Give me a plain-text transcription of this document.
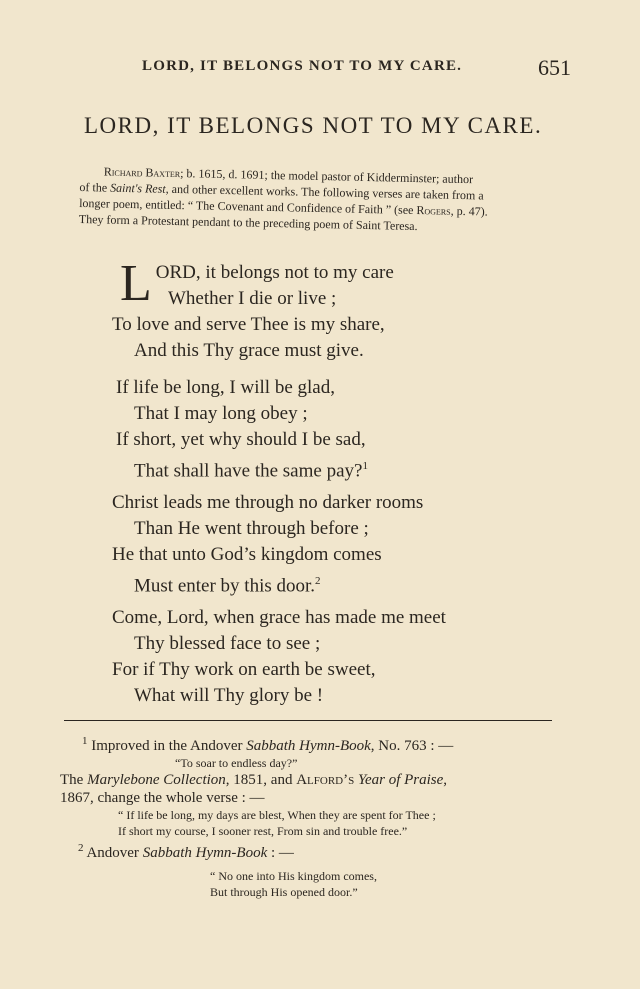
LORD, IT BELONGS NOT TO MY CARE.	651
LORD, IT BELONGS NOT TO MY CARE.
Richard Baxter; b. 1615, d. 1691; the model pastor of Kidderminster; author
of the Saint's Rest, and other excellent works. The following verses are taken from a
longer poem, entitled: “ The Covenant and Confidence of Faith ” (see Rogers, p. 47).
They form a Protestant pendant to the preceding poem of Saint Teresa.
LORD, it belongs not to my care
Whether I die or live ;
To love and serve Thee is my share,
And this Thy grace must give.
If life be long, I will be glad,
That I may long obey ;
If short, yet why should I be sad,
That shall have the same pay?$^1$
Christ leads me through no darker rooms
Than He went through before ;
He that unto God’s kingdom comes
Must enter by this door.$^2$
Come, Lord, when grace has made me meet
Thy blessed face to see ;
For if Thy work on earth be sweet,
What will Thy glory be !
$^1$ Improved in the Andover Sabbath Hymn-Book, No. 763 : —
“To soar to endless day?”
The Marylebone Collection, 1851, and Alford’s Year of Praise,
1867, change the whole verse : —
“ If life be long, my days are blest, When they are spent for Thee ;
If short my course, I sooner rest, From sin and trouble free.”
$^2$ Andover Sabbath Hymn-Book : —
“ No one into His kingdom comes,
But through His opened door.”
